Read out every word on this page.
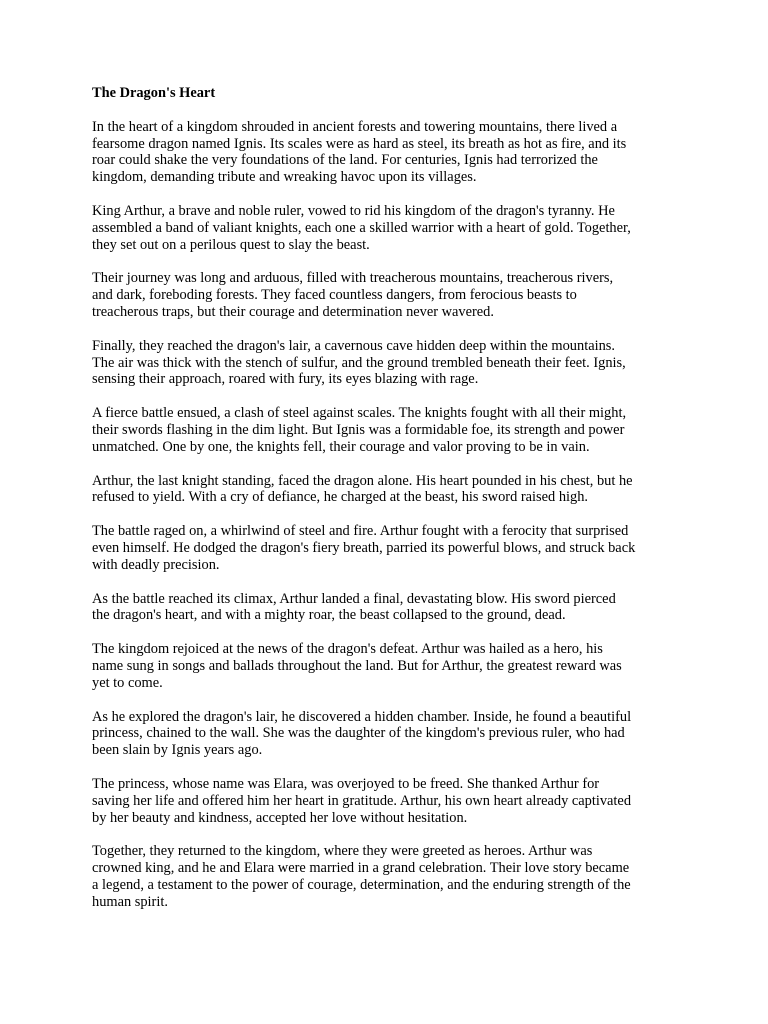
The Dragon's Heart
In the heart of a kingdom shrouded in ancient forests and towering mountains, there lived a
fearsome dragon named Ignis. Its scales were as hard as steel, its breath as hot as fire, and its
roar could shake the very foundations of the land. For centuries, Ignis had terrorized the
kingdom, demanding tribute and wreaking havoc upon its villages.
King Arthur, a brave and noble ruler, vowed to rid his kingdom of the dragon's tyranny. He
assembled a band of valiant knights, each one a skilled warrior with a heart of gold. Together,
they set out on a perilous quest to slay the beast.
Their journey was long and arduous, filled with treacherous mountains, treacherous rivers,
and dark, foreboding forests. They faced countless dangers, from ferocious beasts to
treacherous traps, but their courage and determination never wavered.
Finally, they reached the dragon's lair, a cavernous cave hidden deep within the mountains.
The air was thick with the stench of sulfur, and the ground trembled beneath their feet. Ignis,
sensing their approach, roared with fury, its eyes blazing with rage.
A fierce battle ensued, a clash of steel against scales. The knights fought with all their might,
their swords flashing in the dim light. But Ignis was a formidable foe, its strength and power
unmatched. One by one, the knights fell, their courage and valor proving to be in vain.
Arthur, the last knight standing, faced the dragon alone. His heart pounded in his chest, but he
refused to yield. With a cry of defiance, he charged at the beast, his sword raised high.
The battle raged on, a whirlwind of steel and fire. Arthur fought with a ferocity that surprised
even himself. He dodged the dragon's fiery breath, parried its powerful blows, and struck back
with deadly precision.
As the battle reached its climax, Arthur landed a final, devastating blow. His sword pierced
the dragon's heart, and with a mighty roar, the beast collapsed to the ground, dead.
The kingdom rejoiced at the news of the dragon's defeat. Arthur was hailed as a hero, his
name sung in songs and ballads throughout the land. But for Arthur, the greatest reward was
yet to come.
As he explored the dragon's lair, he discovered a hidden chamber. Inside, he found a beautiful
princess, chained to the wall. She was the daughter of the kingdom's previous ruler, who had
been slain by Ignis years ago.
The princess, whose name was Elara, was overjoyed to be freed. She thanked Arthur for
saving her life and offered him her heart in gratitude. Arthur, his own heart already captivated
by her beauty and kindness, accepted her love without hesitation.
Together, they returned to the kingdom, where they were greeted as heroes. Arthur was
crowned king, and he and Elara were married in a grand celebration. Their love story became
a legend, a testament to the power of courage, determination, and the enduring strength of the
human spirit.
